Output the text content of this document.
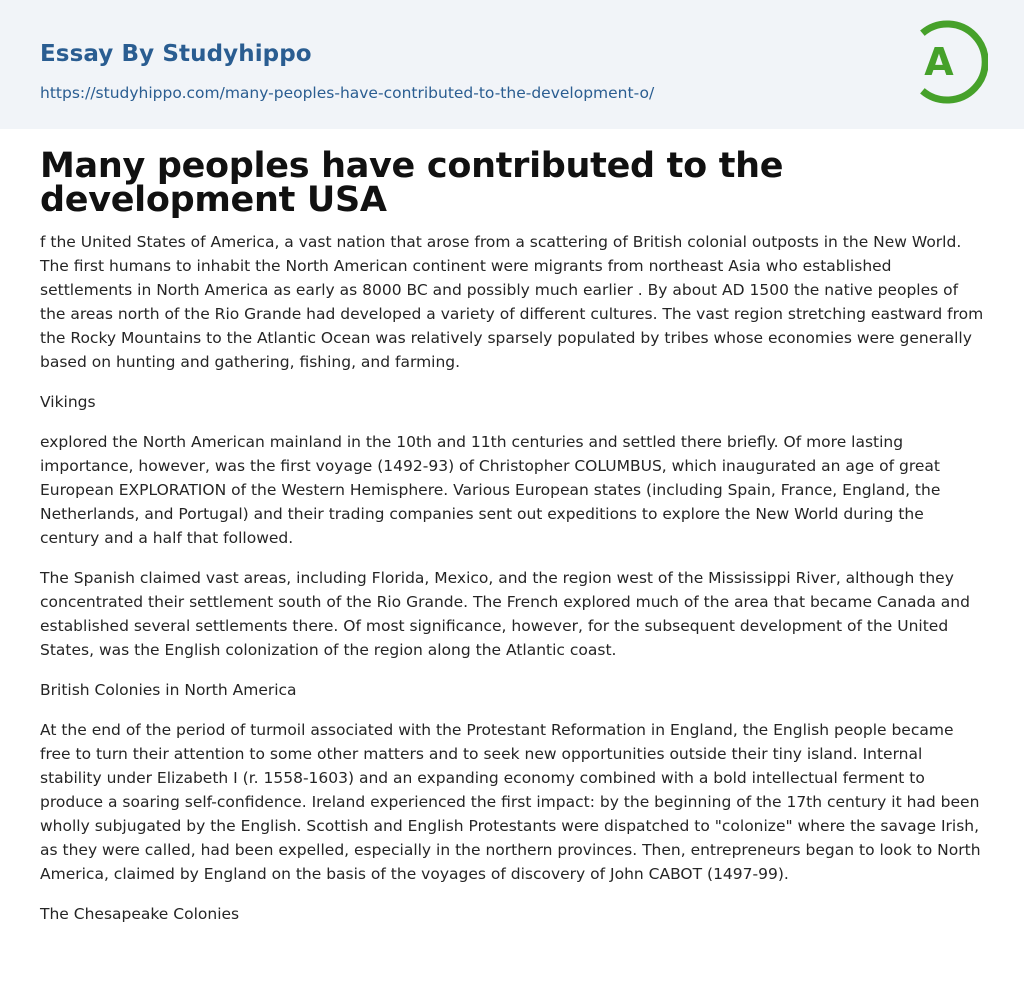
Essay By Studyhippo
https://studyhippo.com/many-peoples-have-contributed-to-the-development-o/
A
Many peoples have contributed to the development USA

f the United States of America, a vast nation that arose from a scattering of British colonial outposts in the New World. The first humans to inhabit the North American continent were migrants from northeast Asia who established settlements in North America as early as 8000 BC and possibly much earlier . By about AD 1500 the native peoples of the areas north of the Rio Grande had developed a variety of different cultures. The vast region stretching eastward from the Rocky Mountains to the Atlantic Ocean was relatively sparsely populated by tribes whose economies were generally based on hunting and gathering, fishing, and farming.

Vikings

explored the North American mainland in the 10th and 11th centuries and settled there briefly. Of more lasting importance, however, was the first voyage (1492-93) of Christopher COLUMBUS, which inaugurated an age of great European EXPLORATION of the Western Hemisphere. Various European states (including Spain, France, England, the Netherlands, and Portugal) and their trading companies sent out expeditions to explore the New World during the century and a half that followed.

The Spanish claimed vast areas, including Florida, Mexico, and the region west of the Mississippi River, although they concentrated their settlement south of the Rio Grande. The French explored much of the area that became Canada and established several settlements there. Of most significance, however, for the subsequent development of the United States, was the English colonization of the region along the Atlantic coast.

British Colonies in North America

At the end of the period of turmoil associated with the Protestant Reformation in England, the English people became free to turn their attention to some other matters and to seek new opportunities outside their tiny island. Internal stability under Elizabeth I (r. 1558-1603) and an expanding economy combined with a bold intellectual ferment to produce a soaring self-confidence. Ireland experienced the first impact: by the beginning of the 17th century it had been wholly subjugated by the English. Scottish and English Protestants were dispatched to "colonize" where the savage Irish, as they were called, had been expelled, especially in the northern provinces. Then, entrepreneurs began to look to North America, claimed by England on the basis of the voyages of discovery of John CABOT (1497-99).

The Chesapeake Colonies
